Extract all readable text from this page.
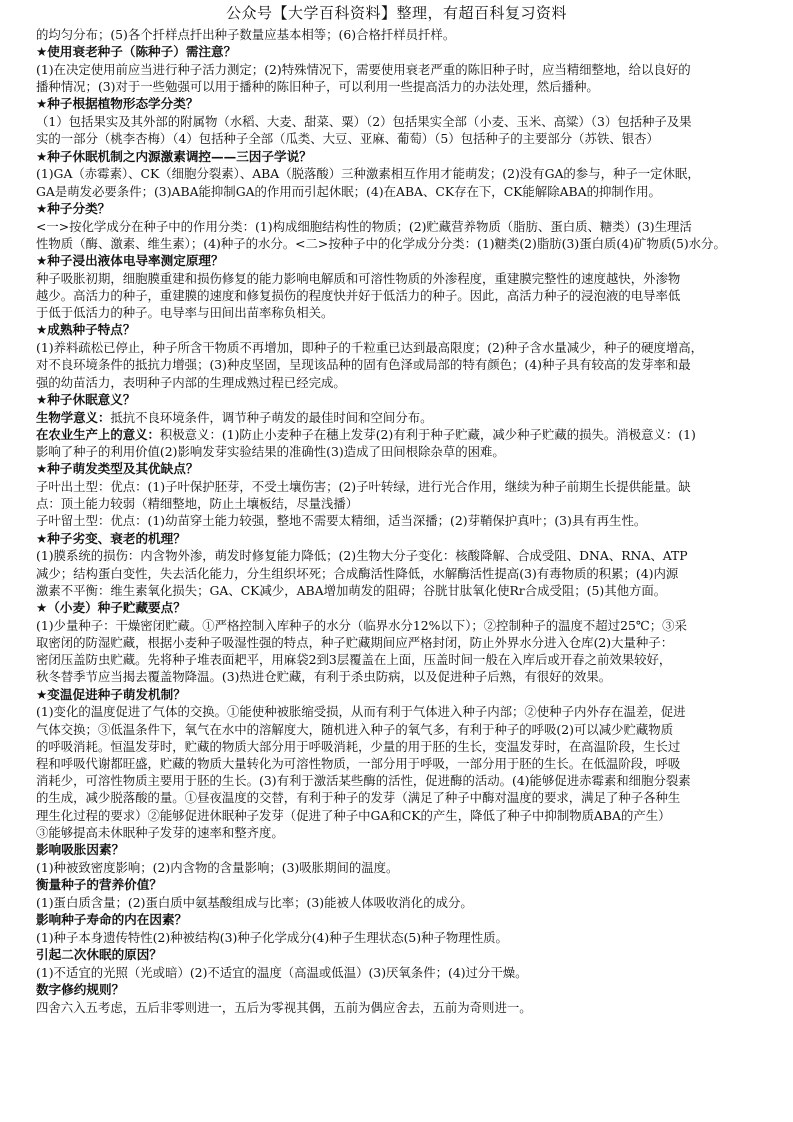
公众号【大学百科资料】整理，有超百科复习资料
的均匀分布；(5)各个扦样点扦出种子数量应基本相等；(6)合格扦样员扦样。
★使用衰老种子（陈种子）需注意？
(1)在决定使用前应当进行种子活力测定；(2)特殊情况下，需要使用衰老严重的陈旧种子时，应当精细整地，给以良好的
播种情况；(3)对于一些勉强可以用于播种的陈旧种子，可以利用一些提高活力的办法处理，然后播种。
★种子根据植物形态学分类？
（1）包括果实及其外部的附属物（水稻、大麦、甜菜、粟）（2）包括果实全部（小麦、玉米、高粱）（3）包括种子及果
实的一部分（桃李杏梅）（4）包括种子全部（瓜类、大豆、亚麻、葡萄）（5）包括种子的主要部分（苏铁、银杏）
★种子休眠机制之内源激素调控——三因子学说？
(1)GA（赤霉素）、CK（细胞分裂素）、ABA（脱落酸）三种激素相互作用才能萌发；(2)没有GA的参与，种子一定休眠，
GA是萌发必要条件；(3)ABA能抑制GA的作用而引起休眠；(4)在ABA、CK存在下，CK能解除ABA的抑制作用。
★种子分类？
<一>按化学成分在种子中的作用分类：(1)构成细胞结构性的物质；(2)贮藏营养物质（脂肪、蛋白质、糖类）(3)生理活
性物质（酶、激素、维生素）；(4)种子的水分。<二>按种子中的化学成分分类：(1)糖类(2)脂肪(3)蛋白质(4)矿物质(5)水分。
★种子浸出液体电导率测定原理？
种子吸胀初期，细胞膜重建和损伤修复的能力影响电解质和可溶性物质的外渗程度，重建膜完整性的速度越快，外渗物
越少。高活力的种子，重建膜的速度和修复损伤的程度快并好于低活力的种子。因此，高活力种子的浸泡液的电导率低
于低于低活力的种子。电导率与田间出苗率称负相关。
★成熟种子特点？
(1)养料疏松已停止，种子所含干物质不再增加，即种子的千粒重已达到最高限度；(2)种子含水量减少，种子的硬度增高，
对不良环境条件的抵抗力增强；(3)种皮坚固，呈现该品种的固有色泽或局部的特有颜色；(4)种子具有较高的发芽率和最
强的幼苗活力，表明种子内部的生理成熟过程已经完成。
★种子休眠意义？
生物学意义：抵抗不良环境条件，调节种子萌发的最佳时间和空间分布。
在农业生产上的意义：积极意义：(1)防止小麦种子在穗上发芽(2)有利于种子贮藏，减少种子贮藏的损失。消极意义：(1)
影响了种子的利用价值(2)影响发芽实验结果的准确性(3)造成了田间根除杂草的困难。
★种子萌发类型及其优缺点？
子叶出土型：优点：(1)子叶保护胚芽，不受土壤伤害；(2)子叶转绿，进行光合作用，继续为种子前期生长提供能量。缺
点：顶土能力较弱（精细整地，防止土壤板结，尽量浅播）
子叶留土型：优点：(1)幼苗穿土能力较强，整地不需要太精细，适当深播；(2)芽鞘保护真叶；(3)具有再生性。
★种子劣变、衰老的机理？
(1)膜系统的损伤：内含物外渗，萌发时修复能力降低；(2)生物大分子变化：核酸降解、合成受阻、DNA、RNA、ATP
减少；结构蛋白变性，失去活化能力，分生组织坏死；合成酶活性降低，水解酶活性提高(3)有毒物质的积累；(4)内源
激素不平衡：维生素氧化损失；GA、CK减少，ABA增加萌发的阻碍；谷胱甘肽氧化使Rr合成受阻；(5)其他方面。
★（小麦）种子贮藏要点？
(1)少量种子：干燥密闭贮藏。①严格控制入库种子的水分（临界水分12%以下）；②控制种子的温度不超过25℃；③采
取密闭的防湿贮藏，根据小麦种子吸湿性强的特点，种子贮藏期间应严格封闭，防止外界水分进入仓库(2)大量种子：
密闭压盖防虫贮藏。先将种子堆表面耙平，用麻袋2到3层覆盖在上面，压盖时间一般在入库后或开春之前效果较好，
秋冬替季节应当揭去覆盖物降温。(3)热进仓贮藏，有利于杀虫防病，以及促进种子后熟，有很好的效果。
★变温促进种子萌发机制？
(1)变化的温度促进了气体的交换。①能使种被胀缩受损，从而有利于气体进入种子内部；②使种子内外存在温差，促进
气体交换；③低温条件下，氧气在水中的溶解度大，随机进入种子的氧气多，有利于种子的呼吸(2)可以减少贮藏物质
的呼吸消耗。恒温发芽时，贮藏的物质大部分用于呼吸消耗，少量的用于胚的生长，变温发芽时，在高温阶段，生长过
程和呼吸代谢都旺盛，贮藏的物质大量转化为可溶性物质，一部分用于呼吸，一部分用于胚的生长。在低温阶段，呼吸
消耗少，可溶性物质主要用于胚的生长。(3)有利于激活某些酶的活性，促进酶的活动。(4)能够促进赤霉素和细胞分裂素
的生成，减少脱落酸的量。①昼夜温度的交替，有利于种子的发芽（满足了种子中酶对温度的要求，满足了种子各种生
理生化过程的要求）②能够促进休眠种子发芽（促进了种子中GA和CK的产生，降低了种子中抑制物质ABA的产生）
③能够提高未休眠种子发芽的速率和整齐度。
影响吸胀因素？
(1)种被致密度影响；(2)内含物的含量影响；(3)吸胀期间的温度。
衡量种子的营养价值？
(1)蛋白质含量；(2)蛋白质中氨基酸组成与比率；(3)能被人体吸收消化的成分。
影响种子寿命的内在因素？
(1)种子本身遗传特性(2)种被结构(3)种子化学成分(4)种子生理状态(5)种子物理性质。
引起二次休眠的原因？
(1)不适宜的光照（光或暗）(2)不适宜的温度（高温或低温）(3)厌氧条件；(4)过分干燥。
数字修约规则？
四舍六入五考虑，五后非零则进一，五后为零视其偶，五前为偶应舍去，五前为奇则进一。
